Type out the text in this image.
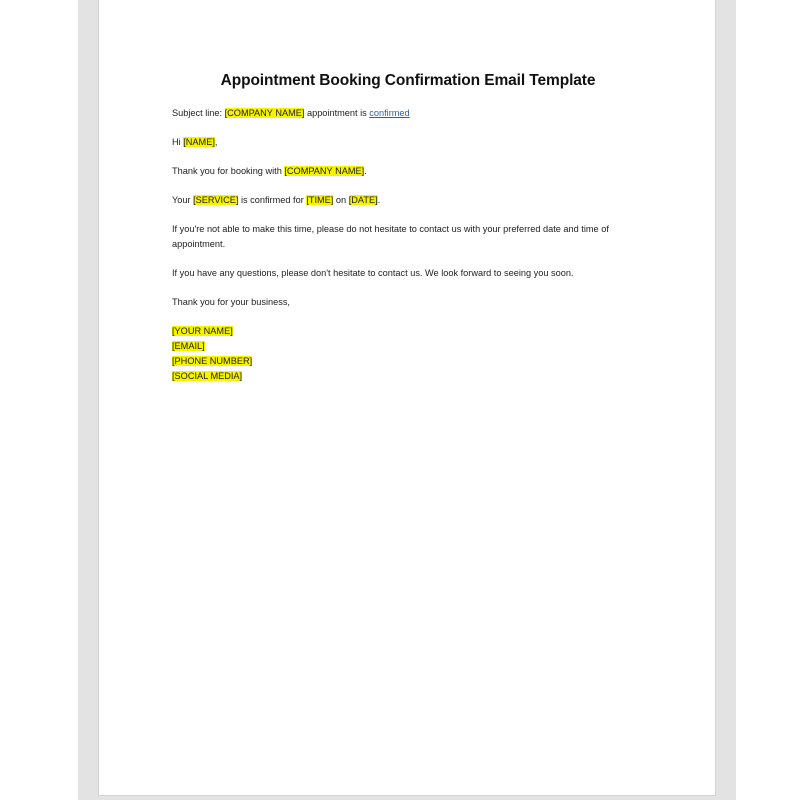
Appointment Booking Confirmation Email Template

Subject line: [COMPANY NAME] appointment is confirmed

Hi [NAME],

Thank you for booking with [COMPANY NAME].

Your [SERVICE] is confirmed for [TIME] on [DATE].

If you're not able to make this time, please do not hesitate to contact us with your preferred date and time of appointment.

If you have any questions, please don't hesitate to contact us. We look forward to seeing you soon.

Thank you for your business,

[YOUR NAME]
[EMAIL]
[PHONE NUMBER]
[SOCIAL MEDIA]
